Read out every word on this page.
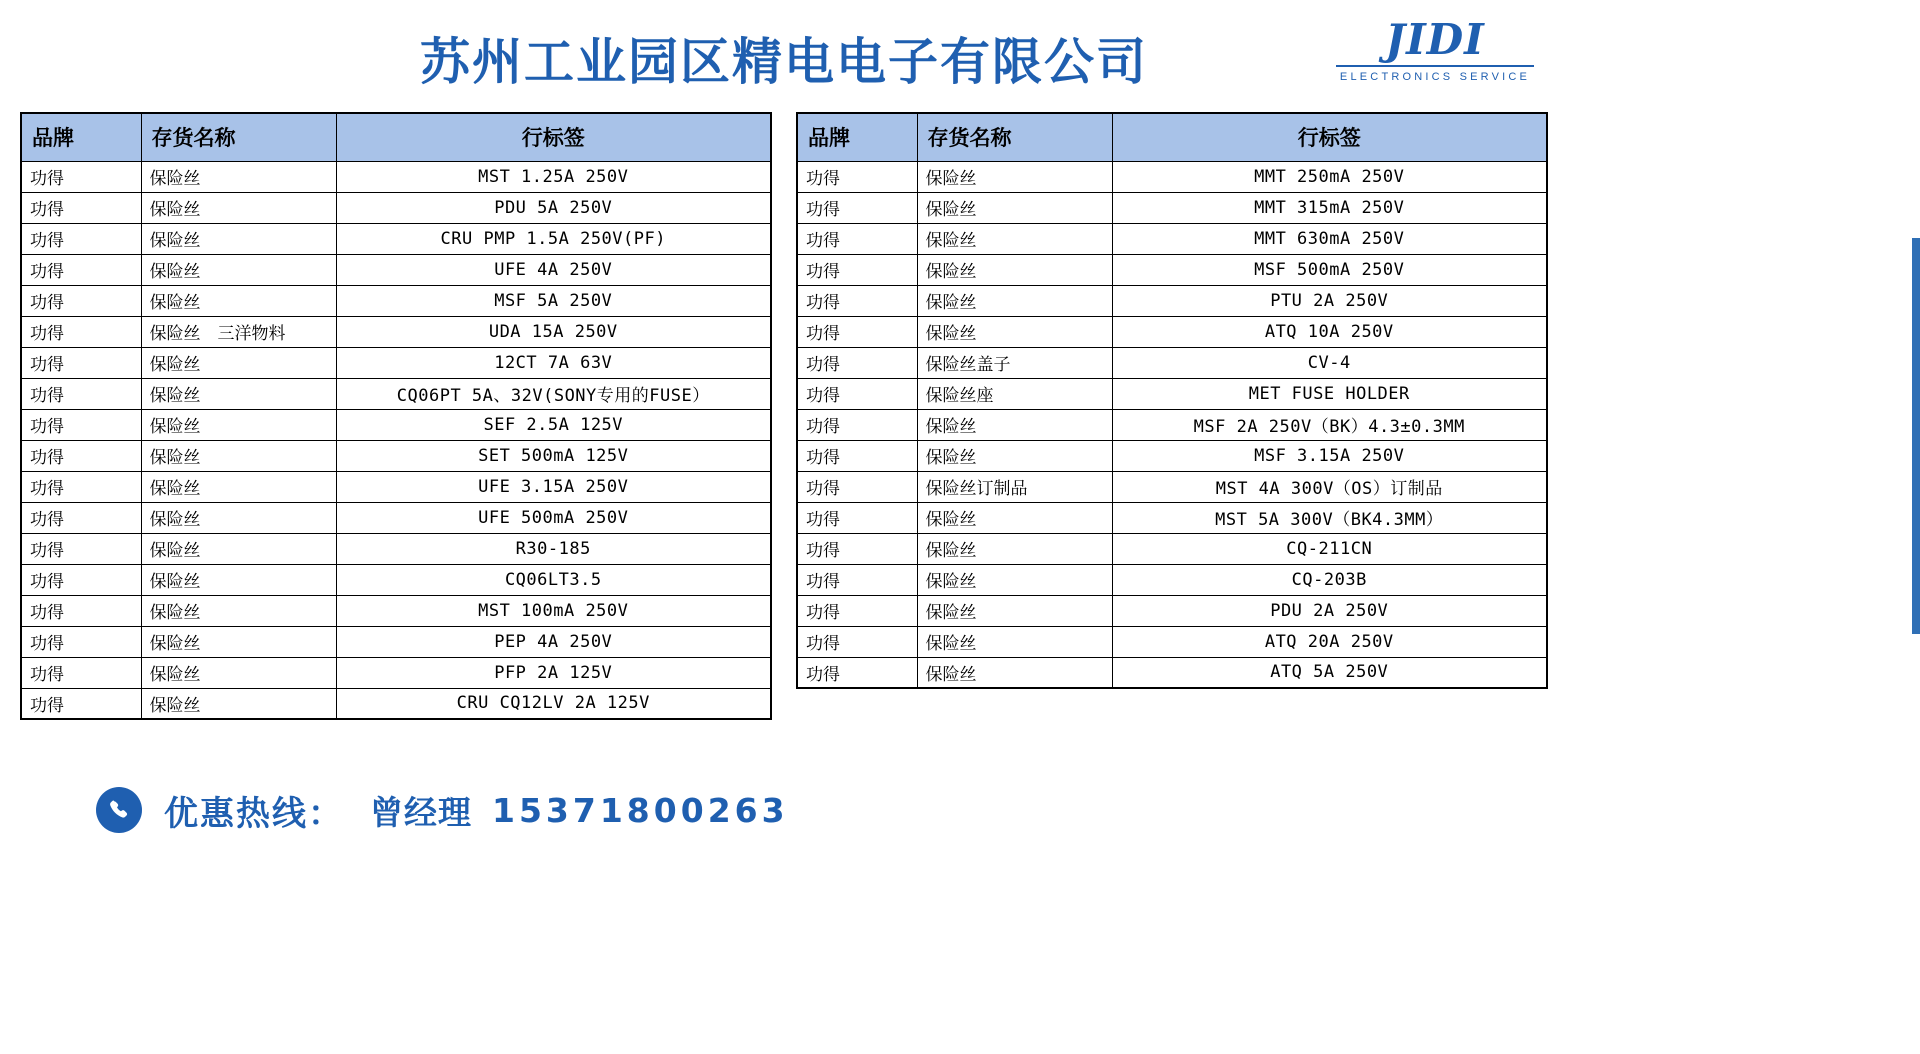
苏州工业园区精电电子有限公司	JIDI
ELECTRONICS SERVICE
品牌	存货名称	行标签
功得	保险丝	MST 1.25A 250V
功得	保险丝	PDU 5A 250V
功得	保险丝	CRU PMP 1.5A 250V(PF)
功得	保险丝	UFE 4A 250V
功得	保险丝	MSF 5A 250V
功得	保险丝　三洋物料	UDA 15A 250V
功得	保险丝	12CT 7A 63V
功得	保险丝	CQ06PT 5A、32V(SONY专用的FUSE）
功得	保险丝	SEF 2.5A 125V
功得	保险丝	SET 500mA 125V
功得	保险丝	UFE 3.15A 250V
功得	保险丝	UFE 500mA 250V
功得	保险丝	R30-185
功得	保险丝	CQ06LT3.5
功得	保险丝	MST 100mA 250V
功得	保险丝	PEP 4A 250V
功得	保险丝	PFP 2A 125V
功得	保险丝	CRU CQ12LV 2A 125V
品牌	存货名称	行标签
功得	保险丝	MMT 250mA 250V
功得	保险丝	MMT 315mA 250V
功得	保险丝	MMT 630mA 250V
功得	保险丝	MSF 500mA 250V
功得	保险丝	PTU 2A 250V
功得	保险丝	ATQ 10A 250V
功得	保险丝盖子	CV-4
功得	保险丝座	MET FUSE HOLDER
功得	保险丝	MSF 2A 250V（BK）4.3±0.3MM
功得	保险丝	MSF 3.15A 250V
功得	保险丝订制品	MST 4A 300V（OS）订制品
功得	保险丝	MST 5A 300V（BK4.3MM）
功得	保险丝	CQ-211CN
功得	保险丝	CQ-203B
功得	保险丝	PDU 2A 250V
功得	保险丝	ATQ 20A 250V
功得	保险丝	ATQ 5A 250V
优惠热线： 曾经理 15371800263
